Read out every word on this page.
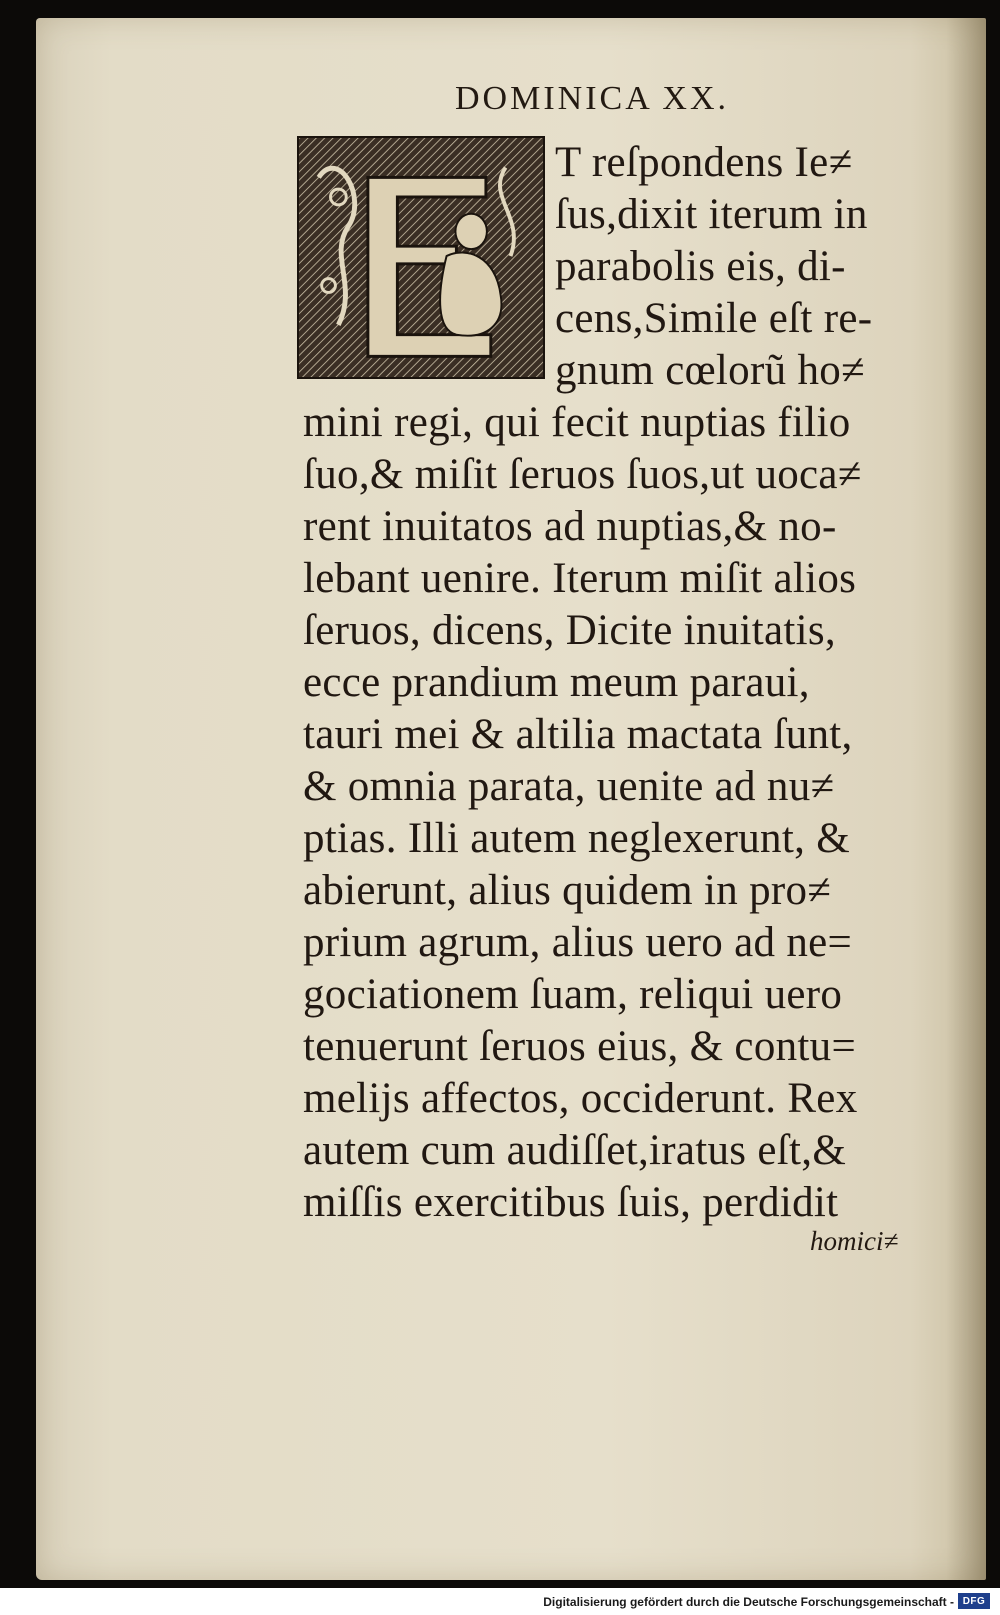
DOMINICA XX.
T reſpondens Ie≠
ſus,dixit iterum in
parabolis eis, di-
cens,Simile eſt re-
gnum cœlorũ ho≠
mini regi, qui fecit nuptias filio
ſuo,& miſit ſeruos ſuos,ut uoca≠
rent inuitatos ad nuptias,& no-
lebant uenire. Iterum miſit alios
ſeruos, dicens, Dicite inuitatis,
ecce prandium meum paraui,
tauri mei & altilia mactata ſunt,
& omnia parata, uenite ad nu≠
ptias. Illi autem neglexerunt, &
abierunt, alius quidem in pro≠
prium agrum, alius uero ad ne=
gociationem ſuam, reliqui uero
tenuerunt ſeruos eius, & contu=
melijs affectos, occiderunt. Rex
autem cum audiſſet,iratus eſt,&
miſſis exercitibus ſuis, perdidit
homici≠
Digitalisierung gefördert durch die Deutsche Forschungsgemeinschaft - DFG
